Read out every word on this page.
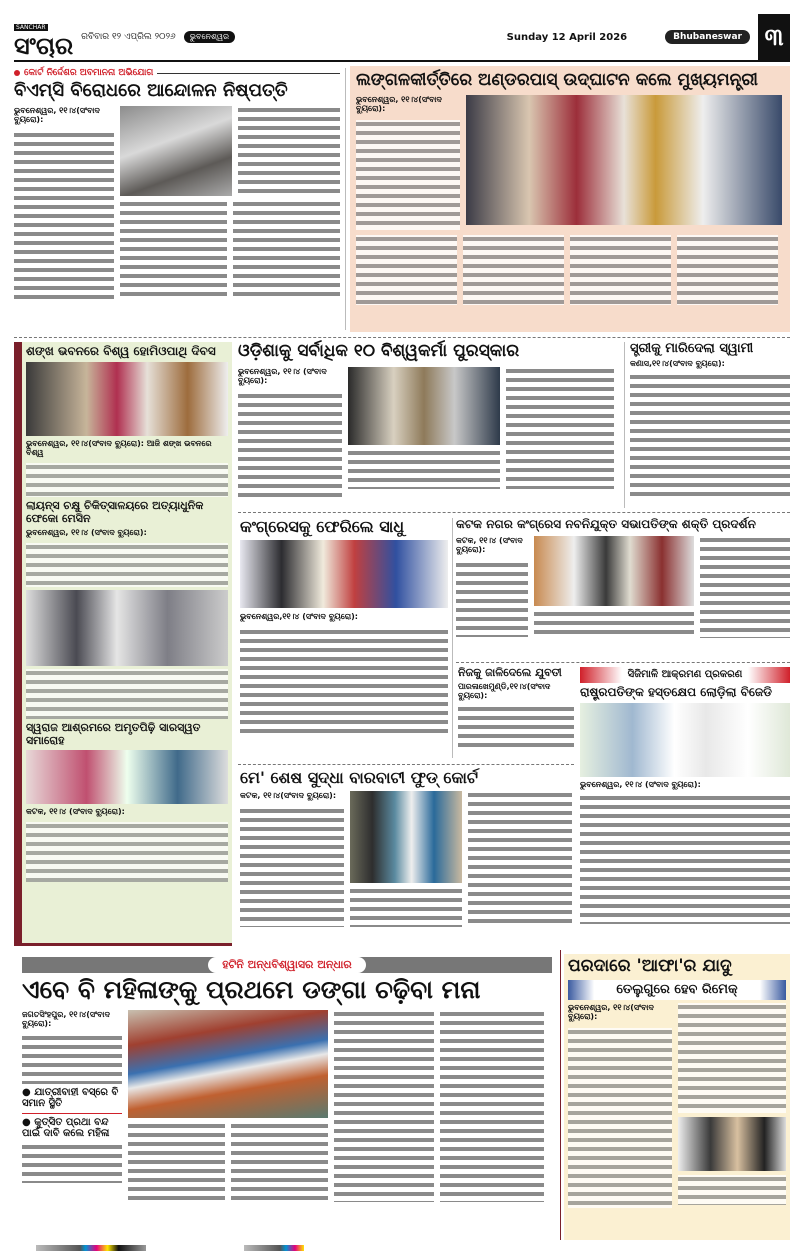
SANCHAR
ସଂଚାର ରବିବାର ୧୨ ଏପ୍ରିଲ ୨୦୨୬	ଭୁବନେଶ୍ୱର	Sunday 12 April 2026	Bhubaneswar ୩
କୋର୍ଟ ନିର୍ଦ୍ଦେଶର ଅବମାନନା ଅଭିଯୋଗ
ବିଏମ୍‌ସି ବିରୋଧରେ ଆନ୍ଦୋଳନ ନିଷ୍ପତ୍ତି
ଭୁବନେଶ୍ୱର, ୧୧।୪(ସଂବାଦ ବ୍ୟୁରୋ):
ଲଙ୍ଗଳକୀର୍ତ୍ତିରେ ଅଣ୍ଡରପାସ୍ ଉଦ୍‌ଘାଟନ କଲେ ମୁଖ୍ୟମନ୍ତ୍ରୀ
ଭୁବନେଶ୍ୱର, ୧୧।୪(ସଂବାଦ ବ୍ୟୁରୋ):
ଶଙ୍ଖ ଭବନରେ ବିଶ୍ୱ ହୋମିଓପାଥି ଦିବସ
ଭୁବନେଶ୍ୱର, ୧୧।୪(ସଂବାଦ ବ୍ୟୁରୋ): ଆଜି ଶଙ୍ଖ ଭବନରେ ବିଶ୍ୱ
ଲାୟନ୍ସ ଚକ୍ଷୁ ଚିକିତ୍ସାଳୟରେ ଅତ୍ୟାଧୁନିକ ଫେକୋ ମେସିନ
ଭୁବନେଶ୍ୱର, ୧୧।୪ (ସଂବାଦ ବ୍ୟୁରୋ):
ସ୍ୱରାଜ ଆଶ୍ରମରେ ଅମୃତପିଢ଼ି ସାରସ୍ୱତ ସମାରୋହ
କଟକ, ୧୧।୪ (ସଂବାଦ ବ୍ୟୁରୋ):
ଓଡ଼ିଶାକୁ ସର୍ବାଧିକ ୧୦ ବିଶ୍ୱକର୍ମା ପୁରସ୍କାର
ଭୁବନେଶ୍ୱର, ୧୧।୪ (ସଂବାଦ ବ୍ୟୁରୋ):
ସ୍ତ୍ରୀକୁ ମାରିଦେଲା ସ୍ୱାମୀ
କଣାସ,୧୧।୪(ସଂବାଦ ବ୍ୟୁରୋ):
କଂଗ୍ରେସକୁ ଫେରିଲେ ସାଧୁ
ଭୁବନେଶ୍ୱର,୧୧।୪ (ସଂବାଦ ବ୍ୟୁରୋ):
କଟକ ନଗର କଂଗ୍ରେସ ନବନିଯୁକ୍ତ ସଭାପତିଙ୍କ ଶକ୍ତି ପ୍ରଦର୍ଶନ
କଟକ, ୧୧।୪ (ସଂବାଦ ବ୍ୟୁରୋ):
ନିଜକୁ ଜାଳିଦେଲେ ଯୁବତୀ
ପାରଳାଖେମୁଣ୍ଡି,୧୧।୪(ସଂବାଦ ବ୍ୟୁରୋ):
ସିଜିମାଳି ଆକ୍ରମଣ ପ୍ରକରଣ
ରାଷ୍ଟ୍ରପତିଙ୍କ ହସ୍ତକ୍ଷେପ ଲୋଡ଼ିଲା ବିଜେଡି
ଭୁବନେଶ୍ୱର, ୧୧।୪ (ସଂବାଦ ବ୍ୟୁରୋ):
ମେ' ଶେଷ ସୁଦ୍ଧା ବାରବାଟୀ ଫୁଡ୍ କୋର୍ଟ
କଟକ, ୧୧।୪(ସଂବାଦ ବ୍ୟୁରୋ):
ହଟିନି ଅନ୍ଧବିଶ୍ୱାସର ଅନ୍ଧାର
ଏବେ ବି ମହିଳାଙ୍କୁ ପ୍ରଥମେ ଡଙ୍ଗା ଚଢ଼ିବା ମନା
ଜଗତସିଂହପୁର, ୧୧।୪(ସଂବାଦ ବ୍ୟୁରୋ):
● ଯାତ୍ରୀବାହୀ ବସ୍‌ରେ ବି ସମାନ ସ୍ଥିତି
● କୁତ୍ସିତ ପ୍ରଥା ବନ୍ଦ ପାଇଁ ଦାବି କଲେ ମହିଳା
ପରଦାରେ 'ଆଫା'ର ଯାଦୁ
ତେଲୁଗୁରେ ହେବ ରିମେକ୍
ଭୁବନେଶ୍ୱର, ୧୧।୪(ସଂବାଦ ବ୍ୟୁରୋ):
